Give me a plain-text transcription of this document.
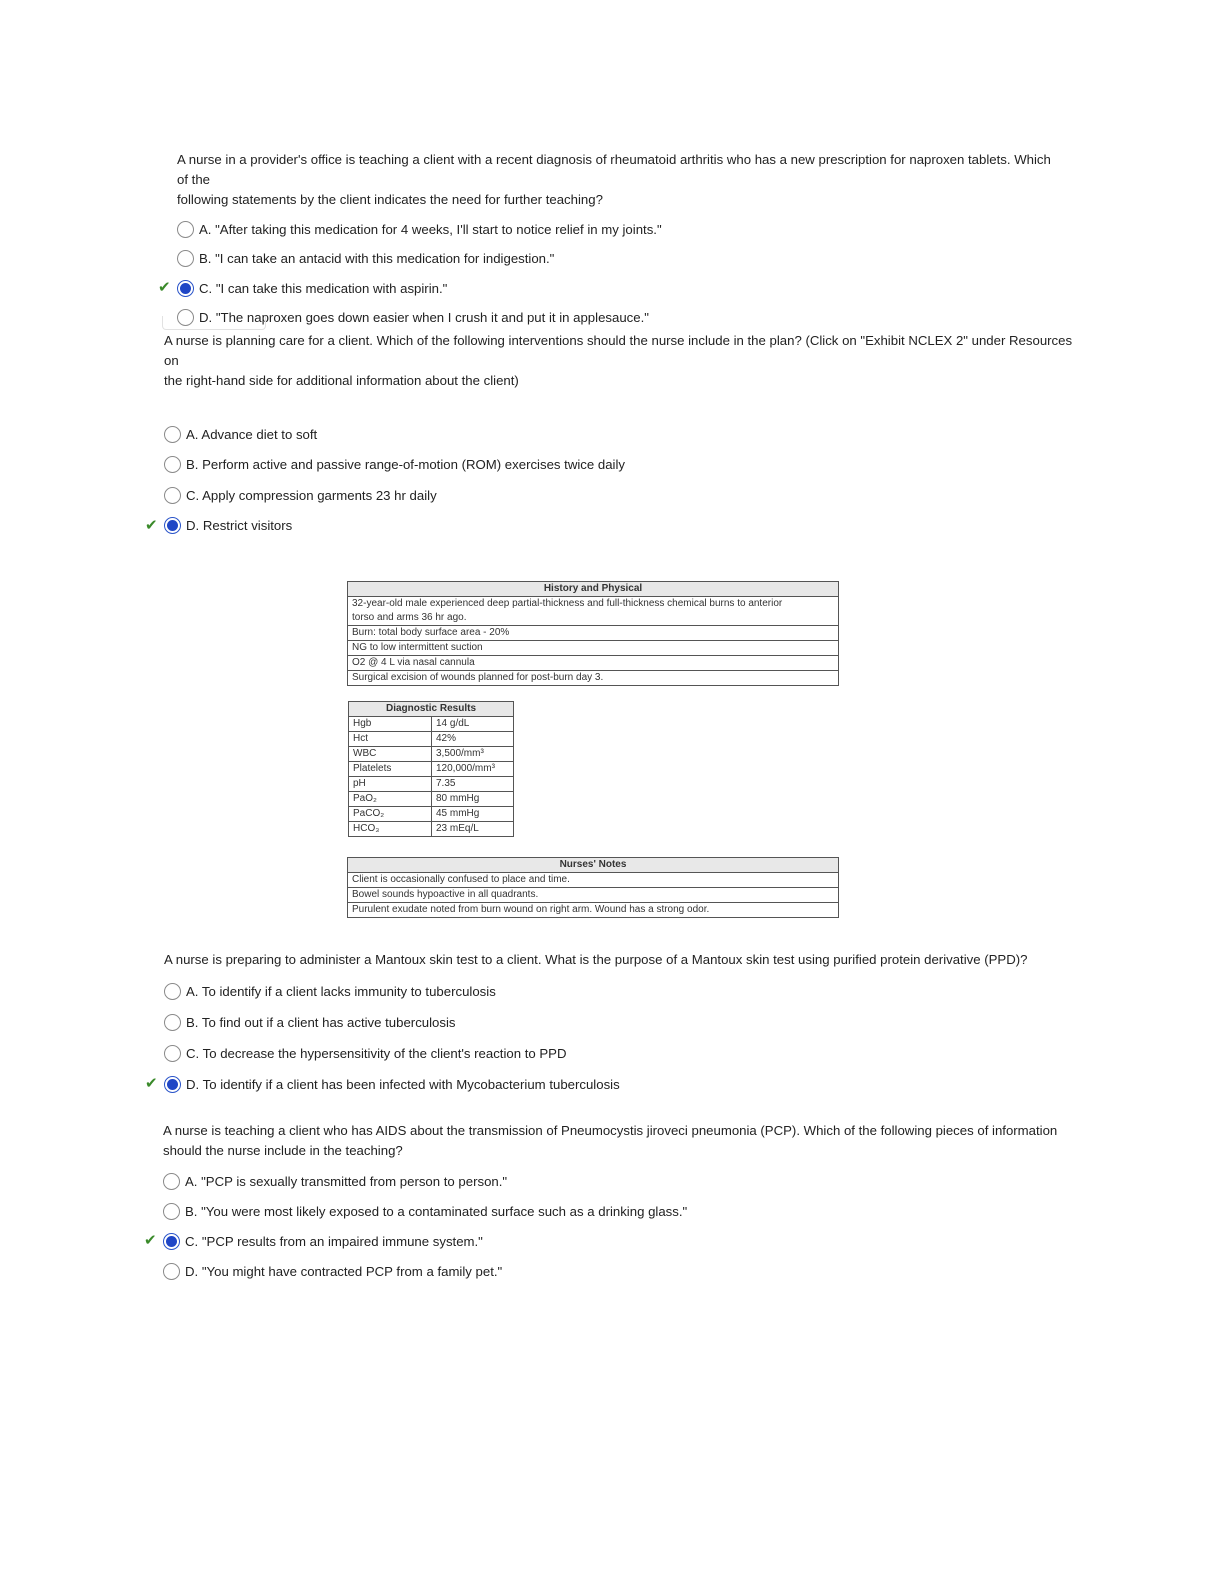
A nurse in a provider's office is teaching a client with a recent diagnosis of rheumatoid arthritis who has a new prescription for naproxen tablets. Which of the
following statements by the client indicates the need for further teaching?

A. "After taking this medication for 4 weeks, I'll start to notice relief in my joints."
B. "I can take an antacid with this medication for indigestion."
✔ C. "I can take this medication with aspirin."
D. "The naproxen goes down easier when I crush it and put it in applesauce."

A nurse is planning care for a client. Which of the following interventions should the nurse include in the plan? (Click on "Exhibit NCLEX 2" under Resources on
the right-hand side for additional information about the client)

A. Advance diet to soft
B. Perform active and passive range-of-motion (ROM) exercises twice daily
C. Apply compression garments 23 hr daily
✔ D. Restrict visitors
History and Physical
32-year-old male experienced deep partial-thickness and full-thickness chemical burns to anterior
torso and arms 36 hr ago.
Burn: total body surface area - 20%
NG to low intermittent suction
O2 @ 4 L via nasal cannula
Surgical excision of wounds planned for post-burn day 3.
Diagnostic Results	
Hgb	14 g/dL
Hct	42%
WBC	3,500/mm³
Platelets	120,000/mm³
pH	7.35
PaO₂	80 mmHg
PaCO₂	45 mmHg
HCO₃	23 mEq/L
Nurses' Notes
Client is occasionally confused to place and time.
Bowel sounds hypoactive in all quadrants.
Purulent exudate noted from burn wound on right arm. Wound has a strong odor.

A nurse is preparing to administer a Mantoux skin test to a client. What is the purpose of a Mantoux skin test using purified protein derivative (PPD)?

A. To identify if a client lacks immunity to tuberculosis
B. To find out if a client has active tuberculosis
C. To decrease the hypersensitivity of the client's reaction to PPD
✔ D. To identify if a client has been infected with Mycobacterium tuberculosis

A nurse is teaching a client who has AIDS about the transmission of Pneumocystis jiroveci pneumonia (PCP). Which of the following pieces of information
should the nurse include in the teaching?

A. "PCP is sexually transmitted from person to person."
B. "You were most likely exposed to a contaminated surface such as a drinking glass."
✔ C. "PCP results from an impaired immune system."
D. "You might have contracted PCP from a family pet."
